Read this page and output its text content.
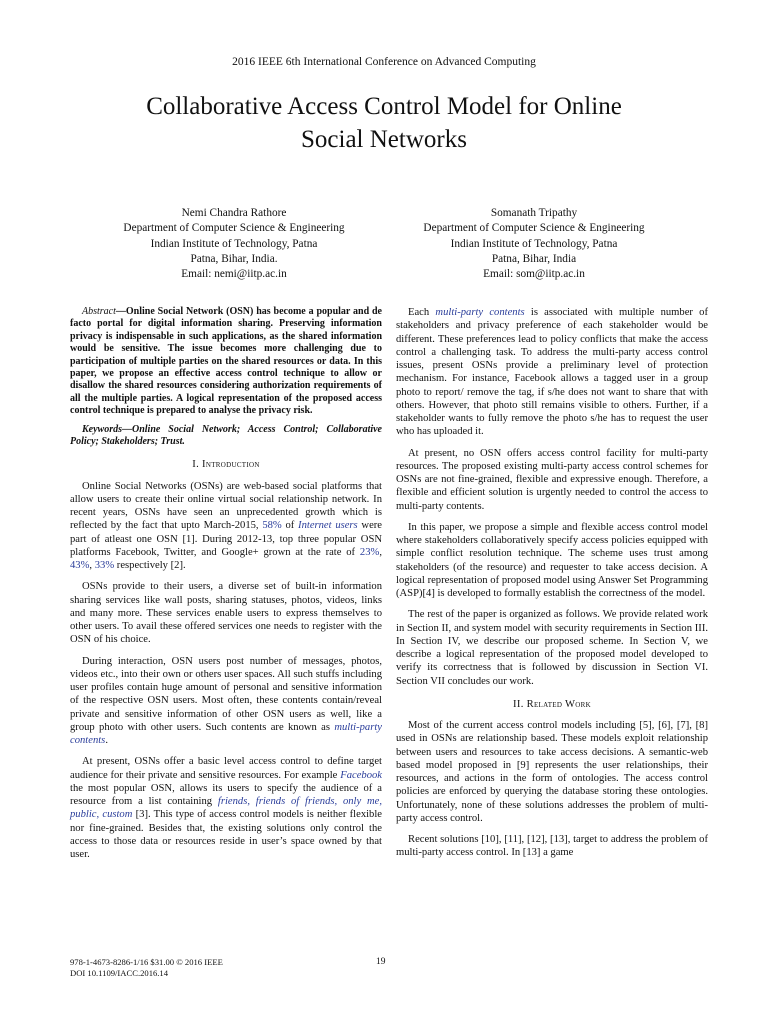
2016 IEEE 6th International Conference on Advanced Computing
Collaborative Access Control Model for Online
Social Networks
Nemi Chandra Rathore
Department of Computer Science & Engineering
Indian Institute of Technology, Patna
Patna, Bihar, India.
Email: nemi@iitp.ac.in
Somanath Tripathy
Department of Computer Science & Engineering
Indian Institute of Technology, Patna
Patna, Bihar, India
Email: som@iitp.ac.in

Abstract—Online Social Network (OSN) has become a popular and de facto portal for digital information sharing. Preserving information privacy is indispensable in such applications, as the shared information would be sensitive. The issue becomes more challenging due to participation of multiple parties on the shared resources or data. In this paper, we propose an effective access control technique to allow or disallow the shared resources considering authorization requirements of all the multiple parties. A logical representation of the proposed access control technique is prepared to analyse the privacy risk.

Keywords—Online Social Network; Access Control; Collaborative Policy; Stakeholders; Trust.

I. Introduction

Online Social Networks (OSNs) are web-based social platforms that allow users to create their online virtual social relationship network. In recent years, OSNs have seen an unprecedented growth which is reflected by the fact that upto March-2015, 58% of Internet users were part of atleast one OSN [1]. During 2012-13, top three popular OSN platforms Facebook, Twitter, and Google+ grown at the rate of 23%, 43%, 33% respectively [2].

OSNs provide to their users, a diverse set of built-in information sharing services like wall posts, sharing statuses, photos, videos, links and many more. These services enable users to express themselves to other users. To avail these offered services one needs to register with the OSN of his choice.

During interaction, OSN users post number of messages, photos, videos etc., into their own or others user spaces. All such stuffs including user profiles contain huge amount of personal and sensitive information of the respective OSN users. Most often, these contents contain/reveal private and sensitive information of other OSN users as well, like a group photo with other users. Such contents are known as multi-party contents.

At present, OSNs offer a basic level access control to define target audience for their private and sensitive resources. For example Facebook the most popular OSN, allows its users to specify the audience of a resource from a list containing friends, friends of friends, only me, public, custom [3]. This type of access control models is neither flexible nor fine-grained. Besides that, the existing solutions only control the access to those data or resources reside in user’s space owned by that user.

Each multi-party contents is associated with multiple number of stakeholders and privacy preference of each stakeholder would be different. These preferences lead to policy conflicts that make the access control a challenging task. To address the multi-party access control issues, present OSNs provide a preliminary level of protection mechanism. For instance, Facebook allows a tagged user in a group photo to report/ remove the tag, if s/he does not want to share that with others. However, that photo still remains visible to others. Further, if a stakeholder wants to fully remove the photo s/he has to request the user who has uploaded it.

At present, no OSN offers access control facility for multi-party resources. The proposed existing multi-party access control schemes for OSNs are not fine-grained, flexible and expressive enough. Therefore, a flexible and efficient solution is urgently needed to control the access to multi-party contents.

In this paper, we propose a simple and flexible access control model where stakeholders collaboratively specify access policies equipped with simple conflict resolution technique. The scheme uses trust among stakeholders (of the resource) and requester to take access decision. A logical representation of proposed model using Answer Set Programming (ASP)[4] is developed to formally establish the correctness of the model.

The rest of the paper is organized as follows. We provide related work in Section II, and system model with security requirements in Section III. In Section IV, we describe our proposed scheme. In Section V, we describe a logical representation of the proposed model developed to verify its correctness that is followed by discussion in Section VI. Section VII concludes our work.

II. Related Work

Most of the current access control models including [5], [6], [7], [8] used in OSNs are relationship based. These models exploit relationship between users and resources to take access decisions. A semantic-web based model proposed in [9] represents the user relationships, their resources, and actions in the form of ontologies. The access control policies are enforced by querying the database storing these ontologies. Unfortunately, none of these solutions addresses the problem of multi-party access control.

Recent solutions [10], [11], [12], [13], target to address the problem of multi-party access control. In [13] a game

978-1-4673-8286-1/16 $31.00 © 2016 IEEE
DOI 10.1109/IACC.2016.14
19
